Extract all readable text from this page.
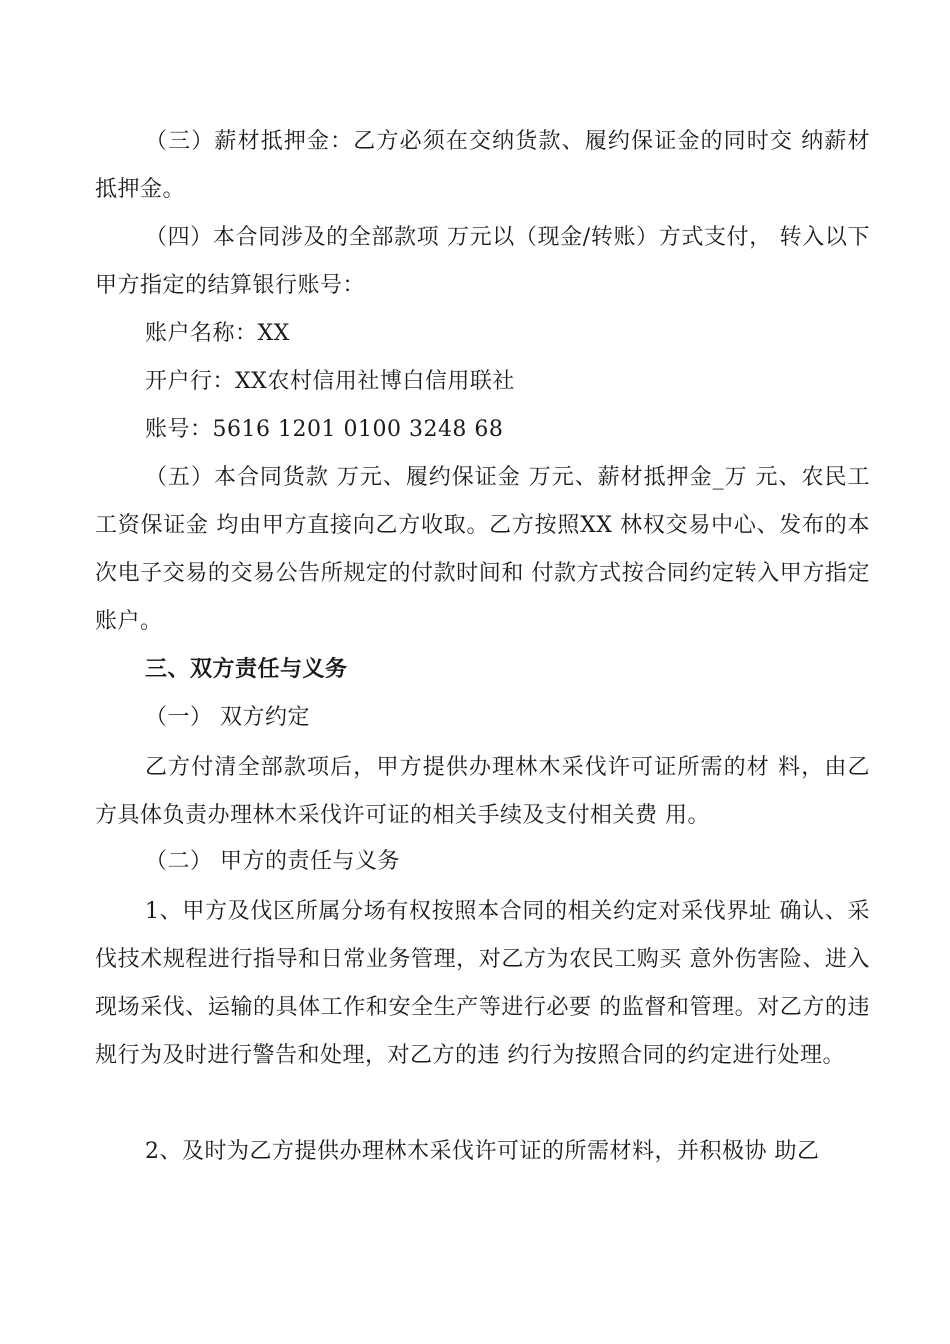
（三）薪材抵押金：乙方必须在交纳货款、履约保证金的同时交 纳薪材抵押金。

（四）本合同涉及的全部款项 万元以（现金/转账）方式支付， 转入以下甲方指定的结算银行账号：

账户名称：XX

开户行：XX农村信用社博白信用联社

账号：5616 1201 0100 3248 68

（五）本合同货款 万元、履约保证金 万元、薪材抵押金_万 元、农民工工资保证金 均由甲方直接向乙方收取。乙方按照XX 林权交易中心、发布的本次电子交易的交易公告所规定的付款时间和 付款方式按合同约定转入甲方指定账户。

三、双方责任与义务

（一） 双方约定

乙方付清全部款项后，甲方提供办理林木采伐许可证所需的材 料，由乙方具体负责办理林木采伐许可证的相关手续及支付相关费 用。

（二） 甲方的责任与义务

1、甲方及伐区所属分场有权按照本合同的相关约定对采伐界址 确认、采伐技术规程进行指导和日常业务管理，对乙方为农民工购买 意外伤害险、进入现场采伐、运输的具体工作和安全生产等进行必要 的监督和管理。对乙方的违规行为及时进行警告和处理，对乙方的违 约行为按照合同的约定进行处理。

2、及时为乙方提供办理林木采伐许可证的所需材料，并积极协 助乙
